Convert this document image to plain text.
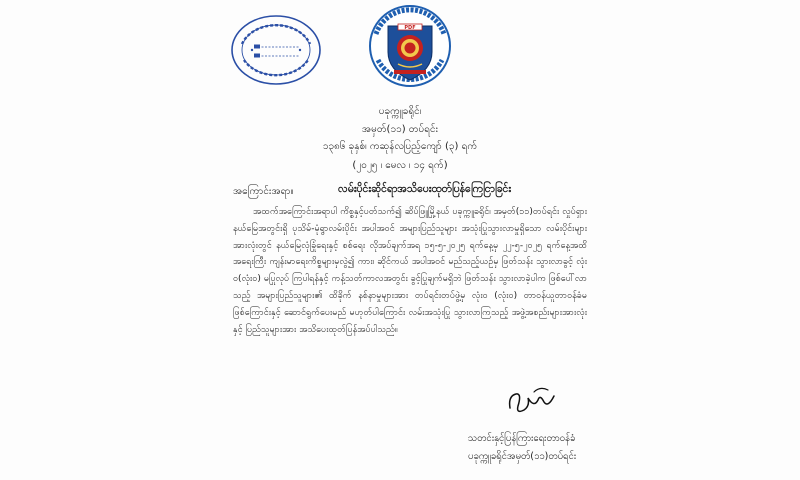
PDF
ပခုက္ကူခရိုင်၊
အမှတ်(၁၁) တပ်ရင်း
၁၃၈၆ ခုနှစ်၊ ကဆုန်လပြည့်ကျော် (၃) ရက်
အကြောင်းအရာ။	လမ်းပိုင်းဆိုင်ရာအသိပေးထုတ်ပြန်ကြေငြာခြင်း

အထက်အကြောင်းအရာပါ ကိစ္စနှင့်ပတ်သက်၍ ဆိပ်ဖြူမြို့နယ် ပခုက္ကူခရိုင်၊ အမှတ်(၁၁)တပ်ရင်း လှုပ်ရှားနယ်မြေအတွင်းရှိ ပုသိမ်-မုံရွာလမ်းပိုင်း အပါအဝင် အများပြည်သူများ အသုံးပြုသွားလာမှုရှိသော လမ်းပိုင်းများအားလုံးတွင် နယ်မြေလုံခြုံရေးနှင့် စစ်ရေး လိုအပ်ချက်အရ ၁၅-၅-၂၀၂၅ ရက်နေ့မှ ၂၂-၅-၂၀၂၅ ရက်နေ့အထိ အရေးကြီး ကျန်းမာရေးကိစ္စများမှလွဲ၍ ကား၊ ဆိုင်ကယ် အပါအဝင် မည်သည့်ယဉ်မှ ဖြတ်သန်း သွားလာခွင့် လုံးဝ(လုံးဝ) မပြုလုပ် ကြပါရန်နှင့် ကန့်သတ်ကာလအတွင်း ခွင့်ပြုချက်မရှိဘဲ ဖြတ်သန်း သွားလာခဲ့ပါက ဖြစ်ပေါ်လာသည့် အများပြည်သူများ၏ ထိခိုက် နစ်နာမှုများအား တပ်ရင်းတပ်ဖွဲ့မှ လုံးဝ (လုံးဝ) တာဝန်ယူတာဝန်ခံမဖြစ်ကြောင်းနှင့် ဆောင်ရွက်ပေးမည် မဟုတ်ပါကြောင်း လမ်းအသုံးပြု သွားလာကြသည့် အဖွဲ့အစည်းများအားလုံးနှင့် ပြည်သူများအား အသိပေးထုတ်ပြန်အပ်ပါသည်။

သတင်းနှင့်ပြန်ကြားရေးတာဝန်ခံ
ပခုက္ကူခရိုင်အမှတ်(၁၁)တပ်ရင်း
(၂၀၂၅ ၊ မေလ ၊ ၁၄ ရက်)
